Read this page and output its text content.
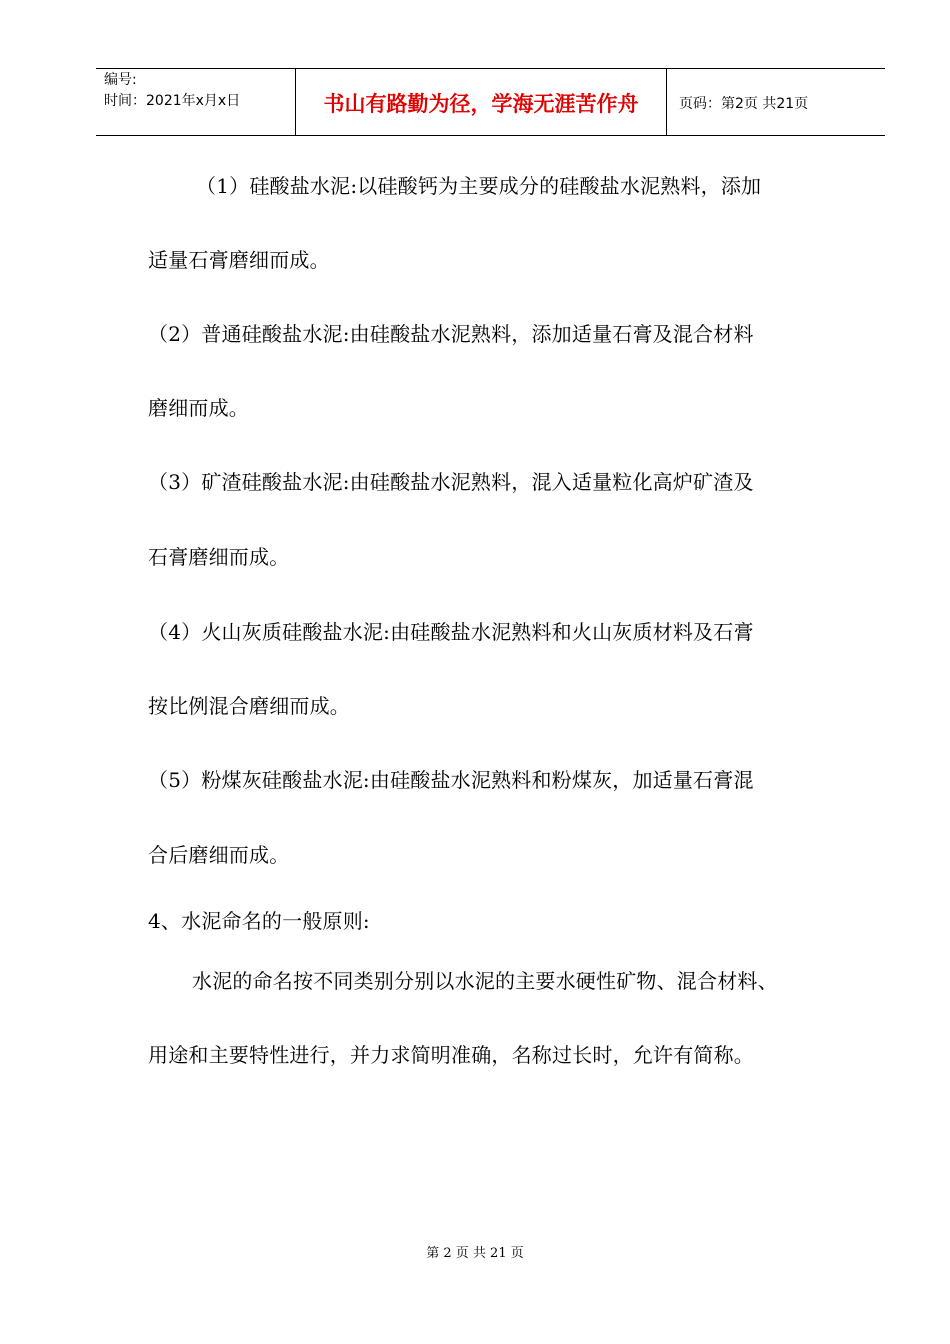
编号:
时间：2021年x月x日	书山有路勤为径，学海无涯苦作舟	页码：第2页 共21页
（1）硅酸盐水泥:以硅酸钙为主要成分的硅酸盐水泥熟料，添加
适量石膏磨细而成。
（2）普通硅酸盐水泥:由硅酸盐水泥熟料，添加适量石膏及混合材料
磨细而成。
（3）矿渣硅酸盐水泥:由硅酸盐水泥熟料，混入适量粒化高炉矿渣及
石膏磨细而成。
（4）火山灰质硅酸盐水泥:由硅酸盐水泥熟料和火山灰质材料及石膏
按比例混合磨细而成。
（5）粉煤灰硅酸盐水泥:由硅酸盐水泥熟料和粉煤灰，加适量石膏混
合后磨细而成。
4、水泥命名的一般原则:
水泥的命名按不同类别分别以水泥的主要水硬性矿物、混合材料、
用途和主要特性进行，并力求简明准确，名称过长时，允许有简称。
第 2 页 共 21 页
